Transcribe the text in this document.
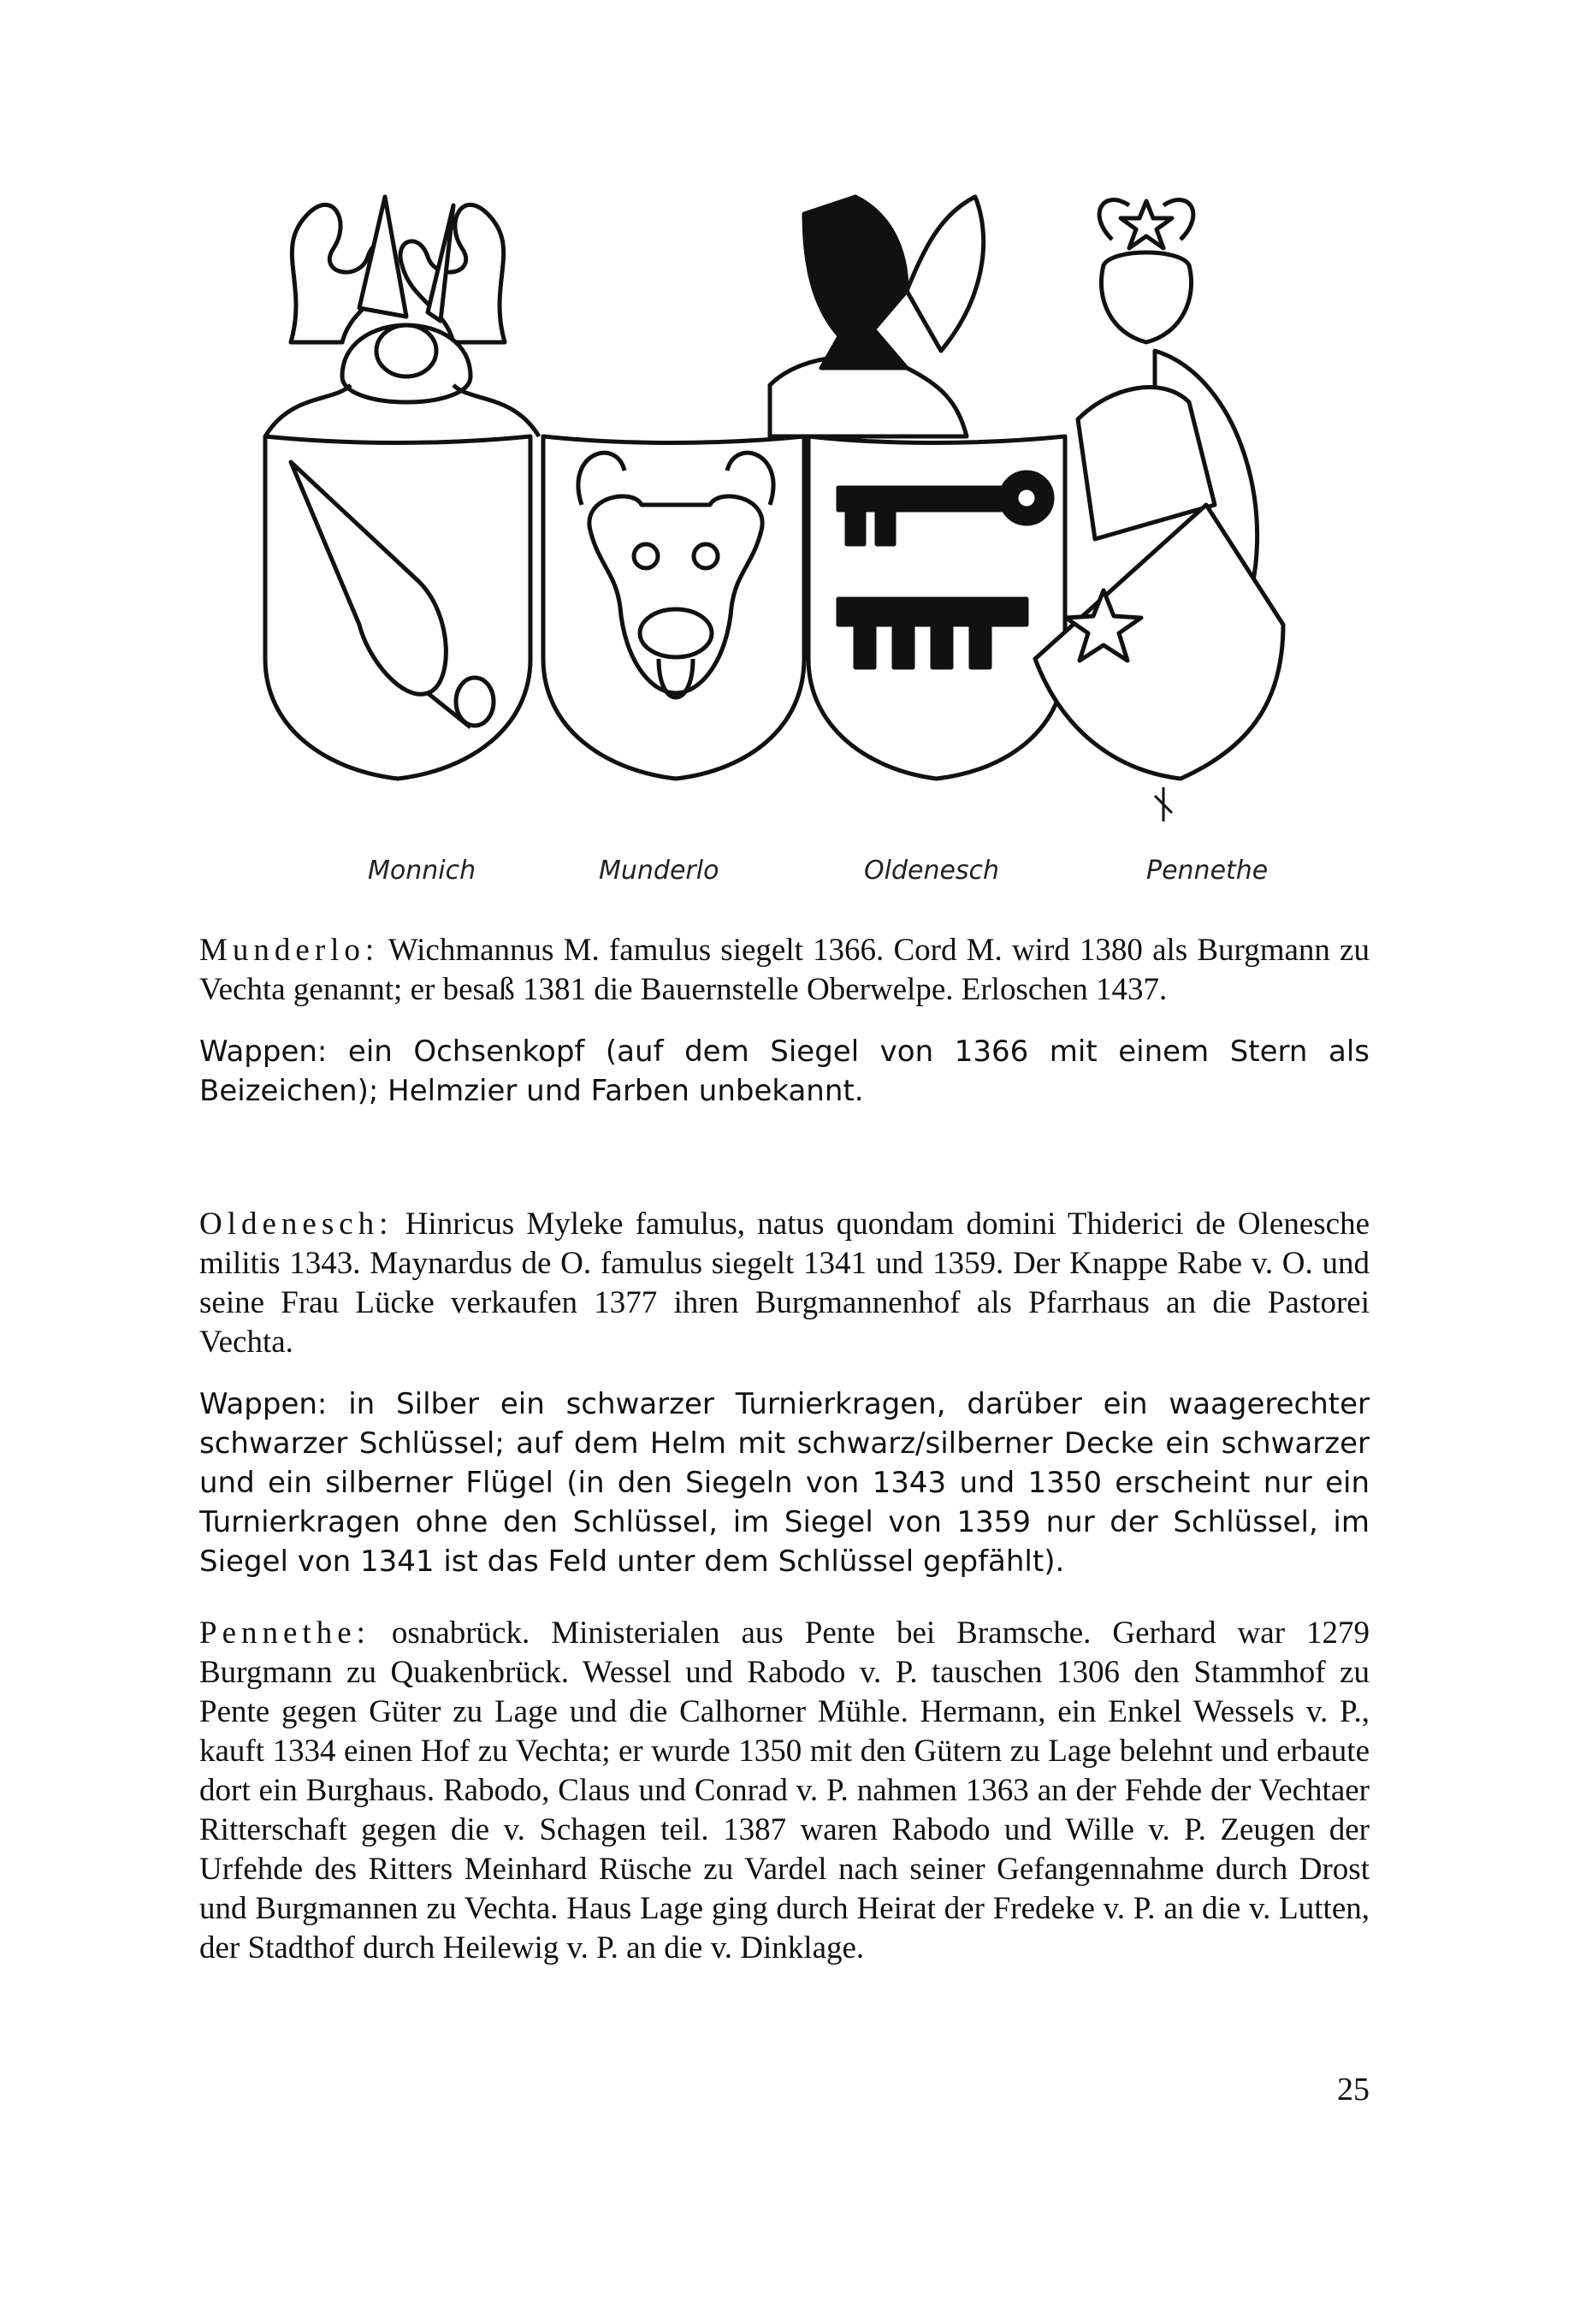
Monnich	Munderlo	Oldenesch	Pennethe

Munderlo: Wichmannus M. famulus siegelt 1366. Cord M. wird 1380 als Burgmann zu Vechta genannt; er besaß 1381 die Bauernstelle Oberwelpe. Erloschen 1437.

Wappen: ein Ochsenkopf (auf dem Siegel von 1366 mit einem Stern als Beizeichen); Helmzier und Farben unbekannt.

Oldenesch: Hinricus Myleke famulus, natus quondam domini Thiderici de Olenesche militis 1343. Maynardus de O. famulus siegelt 1341 und 1359. Der Knappe Rabe v. O. und seine Frau Lücke verkaufen 1377 ihren Burgmannenhof als Pfarrhaus an die Pastorei Vechta.

Wappen: in Silber ein schwarzer Turnierkragen, darüber ein waagerechter schwarzer Schlüssel; auf dem Helm mit schwarz/silberner Decke ein schwarzer und ein silberner Flügel (in den Siegeln von 1343 und 1350 erscheint nur ein Turnierkragen ohne den Schlüssel, im Siegel von 1359 nur der Schlüssel, im Siegel von 1341 ist das Feld unter dem Schlüssel gepfählt).

Pennethe: osnabrück. Ministerialen aus Pente bei Bramsche. Gerhard war 1279 Burgmann zu Quakenbrück. Wessel und Rabodo v. P. tauschen 1306 den Stammhof zu Pente gegen Güter zu Lage und die Calhorner Mühle. Hermann, ein Enkel Wessels v. P., kauft 1334 einen Hof zu Vechta; er wurde 1350 mit den Gütern zu Lage belehnt und erbaute dort ein Burghaus. Rabodo, Claus und Conrad v. P. nahmen 1363 an der Fehde der Vechtaer Ritterschaft gegen die v. Schagen teil. 1387 waren Rabodo und Wille v. P. Zeugen der Urfehde des Ritters Meinhard Rüsche zu Vardel nach seiner Gefangennahme durch Drost und Burgmannen zu Vechta. Haus Lage ging durch Heirat der Fredeke v. P. an die v. Lutten, der Stadthof durch Heilewig v. P. an die v. Dinklage.

25
